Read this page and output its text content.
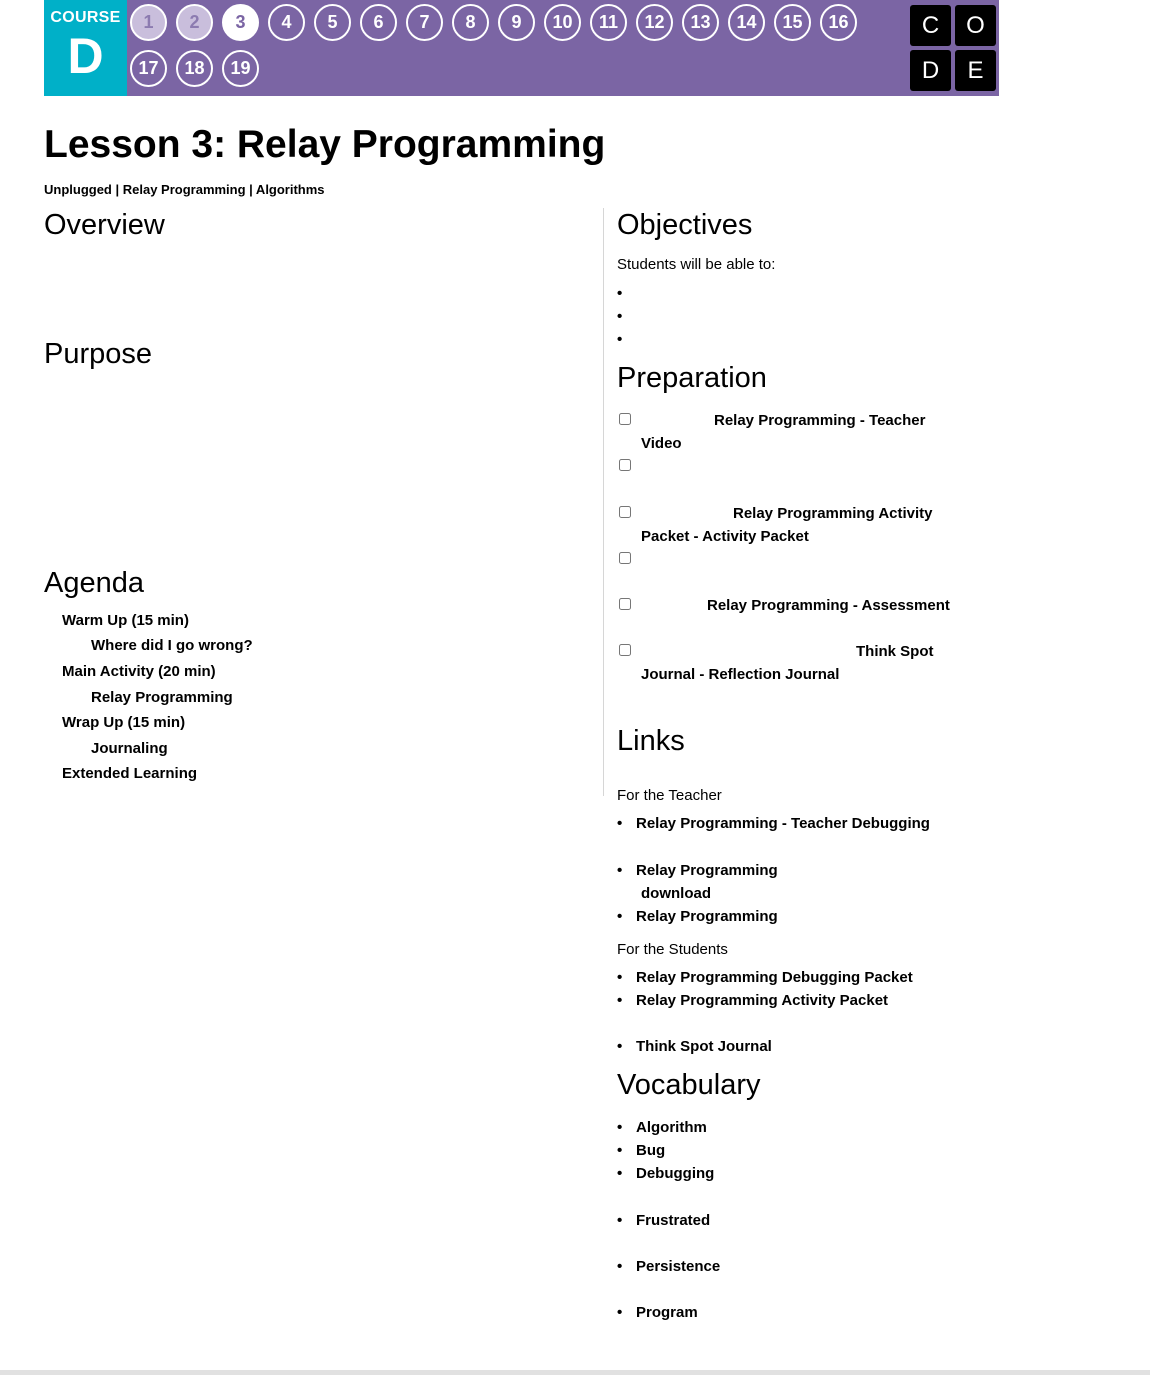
COURSE
D
1	2	3	4	5	6	7	8	9	10	11	12	13	14	15	16
17	18	19
C	O
D	E
Lesson 3: Relay Programming
Unplugged | Relay Programming | Algorithms
Overview
Purpose
Agenda
Warm Up (15 min)
Where did I go wrong?
Main Activity (20 min)
Relay Programming
Wrap Up (15 min)
Journaling
Extended Learning
Objectives
Students will be able to:
•
•
•
Preparation
Relay Programming - Teacher
Video
Relay Programming Activity
Packet - Activity Packet
Relay Programming - Assessment
Think Spot
Journal - Reflection Journal
Links
For the Teacher
• Relay Programming - Teacher Debugging
• Relay Programming
download
• Relay Programming
For the Students
• Relay Programming Debugging Packet
• Relay Programming Activity Packet
• Think Spot Journal
Vocabulary
• Algorithm
• Bug
• Debugging
• Frustrated
• Persistence
• Program
